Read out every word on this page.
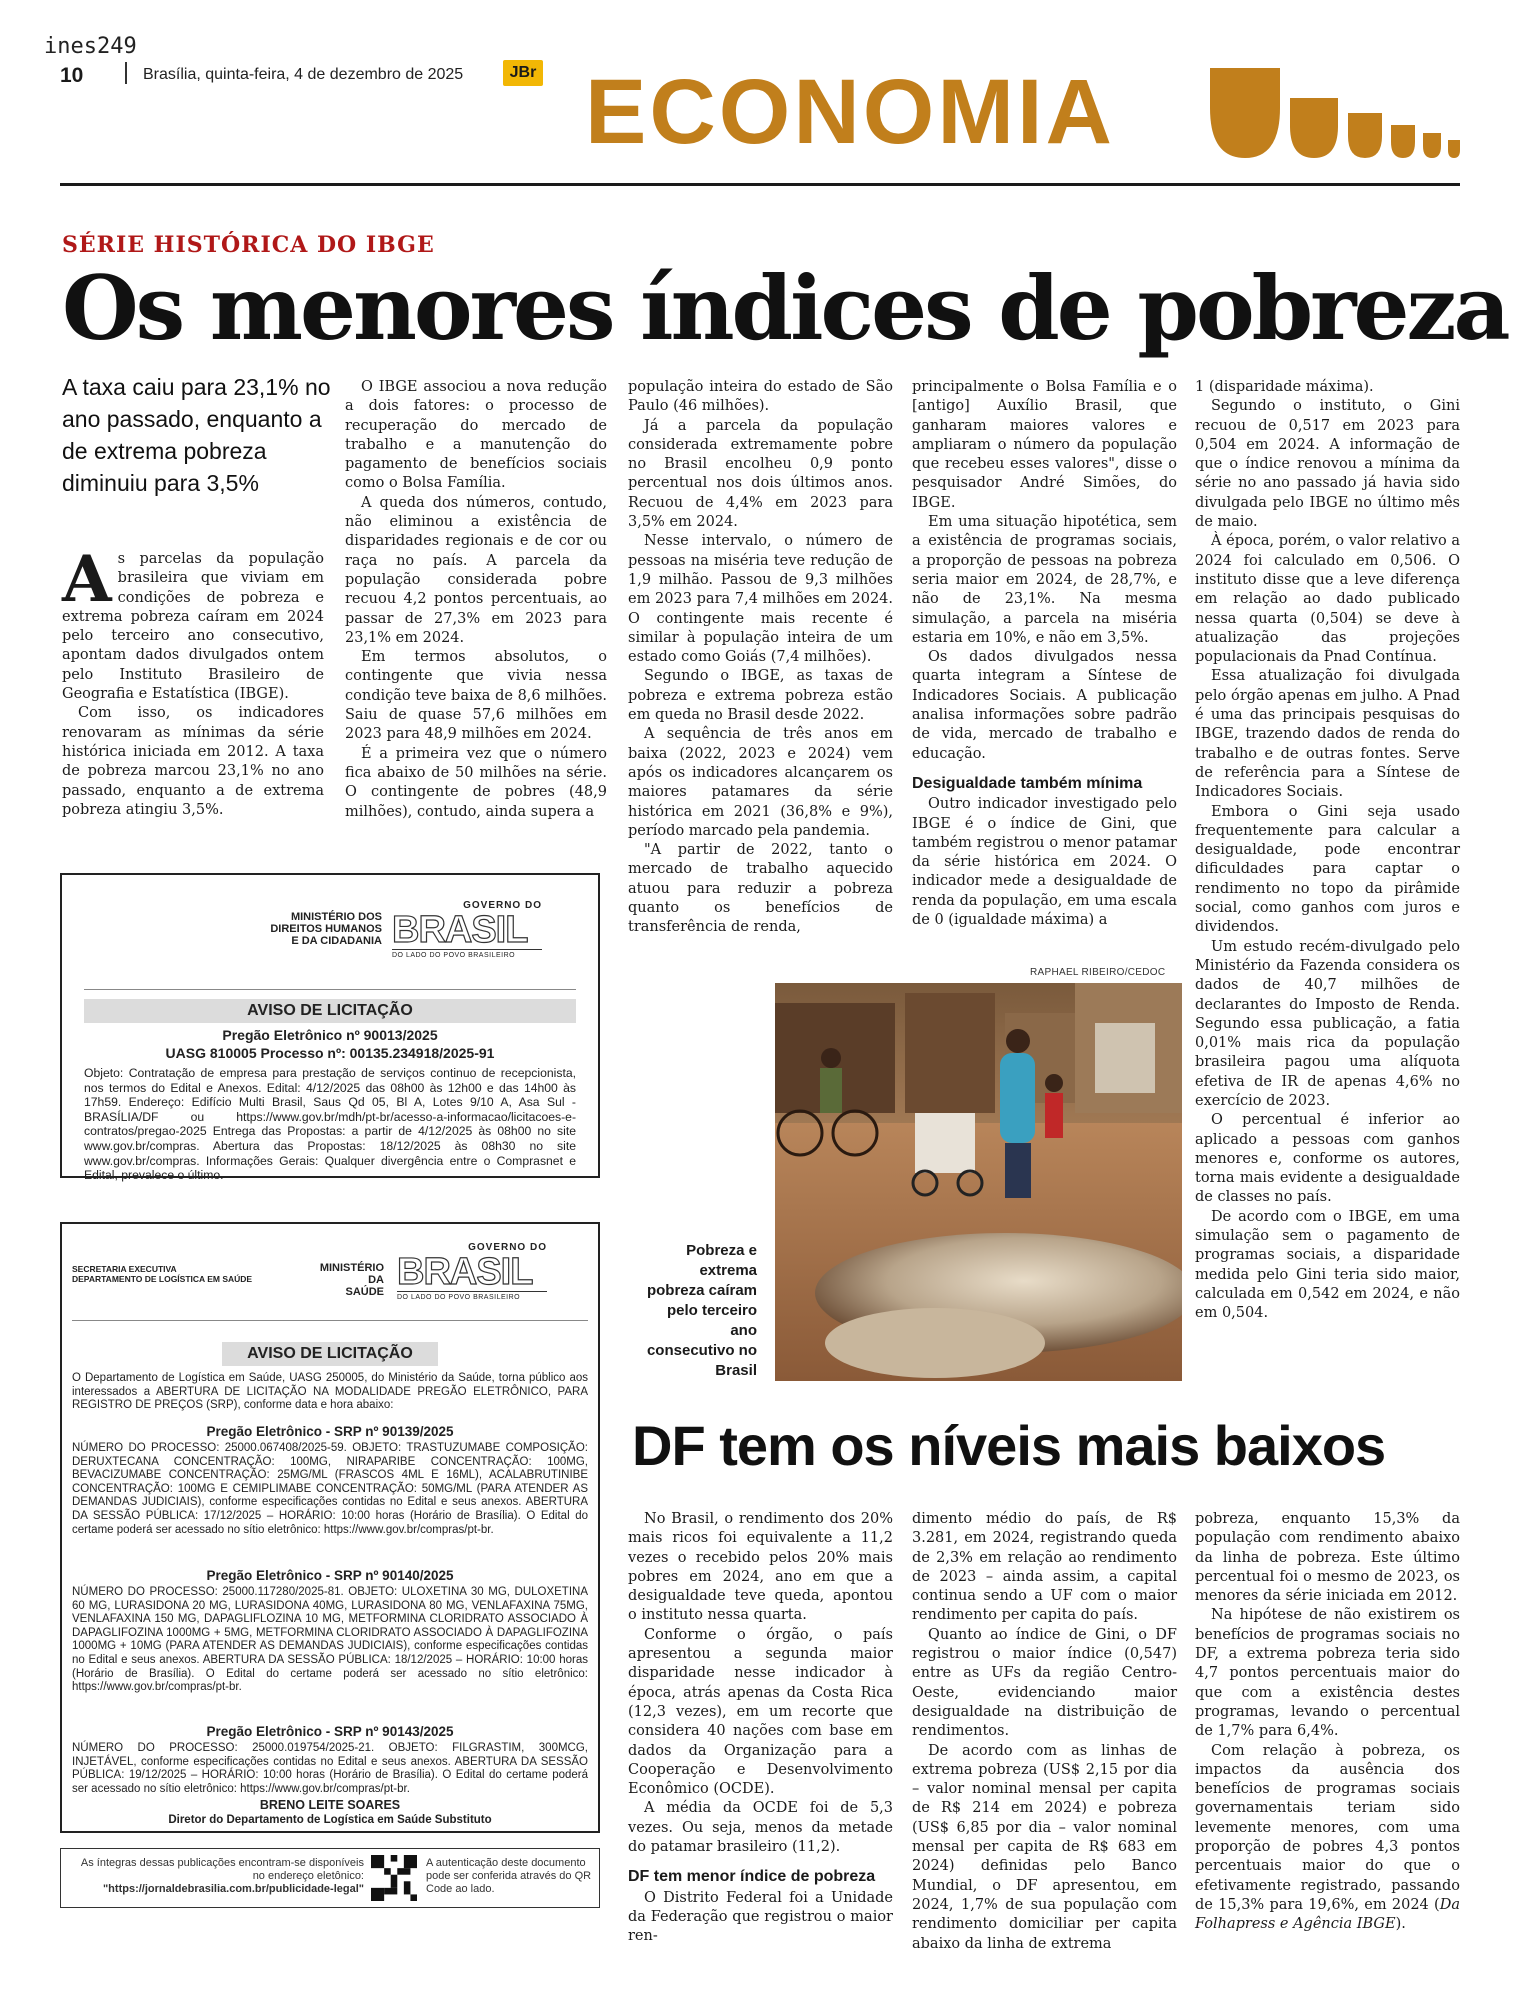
ines249
10	Brasília, quinta-feira, 4 de dezembro de 2025	JBr ECONOMIA
SÉRIE HISTÓRICA DO IBGE
Os menores índices de pobreza
A taxa caiu para 23,1% no ano passado, enquanto a de extrema pobreza diminuiu para 3,5%

As parcelas da população brasileira que viviam em condições de pobreza e extrema pobreza caíram em 2024 pelo terceiro ano consecutivo, apontam dados divulgados ontem pelo Instituto Brasileiro de Geografia e Estatística (IBGE).

Com isso, os indicadores renovaram as mínimas da série histórica iniciada em 2012. A taxa de pobreza marcou 23,1% no ano passado, enquanto a de extrema pobreza atingiu 3,5%.

O IBGE associou a nova redução a dois fatores: o processo de recuperação do mercado de trabalho e a manutenção do pagamento de benefícios sociais como o Bolsa Família.

A queda dos números, contudo, não eliminou a existência de disparidades regionais e de cor ou raça no país. A parcela da população considerada pobre recuou 4,2 pontos percentuais, ao passar de 27,3% em 2023 para 23,1% em 2024.

Em termos absolutos, o contingente que vivia nessa condição teve baixa de 8,6 milhões. Saiu de quase 57,6 milhões em 2023 para 48,9 milhões em 2024.

É a primeira vez que o número fica abaixo de 50 milhões na série. O contingente de pobres (48,9 milhões), contudo, ainda supera a

população inteira do estado de São Paulo (46 milhões).

Já a parcela da população considerada extremamente pobre no Brasil encolheu 0,9 ponto percentual nos dois últimos anos. Recuou de 4,4% em 2023 para 3,5% em 2024.

Nesse intervalo, o número de pessoas na miséria teve redução de 1,9 milhão. Passou de 9,3 milhões em 2023 para 7,4 milhões em 2024. O contingente mais recente é similar à população inteira de um estado como Goiás (7,4 milhões).

Segundo o IBGE, as taxas de pobreza e extrema pobreza estão em queda no Brasil desde 2022.

A sequência de três anos em baixa (2022, 2023 e 2024) vem após os indicadores alcançarem os maiores patamares da série histórica em 2021 (36,8% e 9%), período marcado pela pandemia.

"A partir de 2022, tanto o mercado de trabalho aquecido atuou para reduzir a pobreza quanto os benefícios de transferência de renda,

principalmente o Bolsa Família e o [antigo] Auxílio Brasil, que ganharam maiores valores e ampliaram o número da população que recebeu esses valores", disse o pesquisador André Simões, do IBGE.

Em uma situação hipotética, sem a existência de programas sociais, a proporção de pessoas na pobreza seria maior em 2024, de 28,7%, e não de 23,1%. Na mesma simulação, a parcela na miséria estaria em 10%, e não em 3,5%.

Os dados divulgados nessa quarta integram a Síntese de Indicadores Sociais. A publicação analisa informações sobre padrão de vida, mercado de trabalho e educação.

Desigualdade também mínima

Outro indicador investigado pelo IBGE é o índice de Gini, que também registrou o menor patamar da série histórica em 2024. O indicador mede a desigualdade de renda da população, em uma escala de 0 (igualdade máxima) a

1 (disparidade máxima).

Segundo o instituto, o Gini recuou de 0,517 em 2023 para 0,504 em 2024. A informação de que o índice renovou a mínima da série no ano passado já havia sido divulgada pelo IBGE no último mês de maio.

À época, porém, o valor relativo a 2024 foi calculado em 0,506. O instituto disse que a leve diferença em relação ao dado publicado nessa quarta (0,504) se deve à atualização das projeções populacionais da Pnad Contínua.

Essa atualização foi divulgada pelo órgão apenas em julho. A Pnad é uma das principais pesquisas do IBGE, trazendo dados de renda do trabalho e de outras fontes. Serve de referência para a Síntese de Indicadores Sociais.

Embora o Gini seja usado frequentemente para calcular a desigualdade, pode encontrar dificuldades para captar o rendimento no topo da pirâmide social, como ganhos com juros e dividendos.

Um estudo recém-divulgado pelo Ministério da Fazenda considera os dados de 40,7 milhões de declarantes do Imposto de Renda. Segundo essa publicação, a fatia 0,01% mais rica da população brasileira pagou uma alíquota efetiva de IR de apenas 4,6% no exercício de 2023.

O percentual é inferior ao aplicado a pessoas com ganhos menores e, conforme os autores, torna mais evidente a desigualdade de classes no país.

De acordo com o IBGE, em uma simulação sem o pagamento de programas sociais, a disparidade medida pelo Gini teria sido maior, calculada em 0,542 em 2024, e não em 0,504.

RAPHAEL RIBEIRO/CEDOC
Pobreza e extrema pobreza caíram pelo terceiro ano consecutivo no Brasil
MINISTÉRIO DOS
DIREITOS HUMANOS
E DA CIDADANIA
GOVERNO DO
BRASIL
DO LADO DO POVO BRASILEIRO
AVISO DE LICITAÇÃO
Pregão Eletrônico nº 90013/2025
UASG 810005 Processo nº: 00135.234918/2025-91
Objeto: Contratação de empresa para prestação de serviços continuo de recepcionista, nos termos do Edital e Anexos. Edital: 4/12/2025 das 08h00 às 12h00 e das 14h00 às 17h59. Endereço: Edifício Multi Brasil, Saus Qd 05, Bl A, Lotes 9/10 A, Asa Sul -BRASÍLIA/DF ou https://www.gov.br/mdh/pt-br/acesso-a-informacao/licitacoes-e-contratos/pregao-2025 Entrega das Propostas: a partir de 4/12/2025 às 08h00 no site www.gov.br/compras. Abertura das Propostas: 18/12/2025 às 08h30 no site www.gov.br/compras. Informações Gerais: Qualquer divergência entre o Comprasnet e Edital, prevalece o último.
SECRETARIA EXECUTIVA
DEPARTAMENTO DE LOGÍSTICA EM SAÚDE
MINISTÉRIO DA
SAÚDE
GOVERNO DO
BRASIL
DO LADO DO POVO BRASILEIRO
AVISO DE LICITAÇÃO
O Departamento de Logística em Saúde, UASG 250005, do Ministério da Saúde, torna público aos interessados a ABERTURA DE LICITAÇÃO NA MODALIDADE PREGÃO ELETRÔNICO, PARA REGISTRO DE PREÇOS (SRP), conforme data e hora abaixo:
Pregão Eletrônico - SRP nº 90139/2025
NÚMERO DO PROCESSO: 25000.067408/2025-59. OBJETO: TRASTUZUMABE COMPOSIÇÃO: DERUXTECANA CONCENTRAÇÃO: 100MG, NIRAPARIBE CONCENTRAÇÃO: 100MG, BEVACIZUMABE CONCENTRAÇÃO: 25MG/ML (FRASCOS 4ML E 16ML), ACALABRUTINIBE CONCENTRAÇÃO: 100MG E CEMIPLIMABE CONCENTRAÇÃO: 50MG/ML (PARA ATENDER AS DEMANDAS JUDICIAIS), conforme especificações contidas no Edital e seus anexos. ABERTURA DA SESSÃO PÚBLICA: 17/12/2025 – HORÁRIO: 10:00 horas (Horário de Brasília). O Edital do certame poderá ser acessado no sítio eletrônico: https://www.gov.br/compras/pt-br.
Pregão Eletrônico - SRP nº 90140/2025
NÚMERO DO PROCESSO: 25000.117280/2025-81. OBJETO: ULOXETINA 30 MG, DULOXETINA 60 MG, LURASIDONA 20 MG, LURASIDONA 40MG, LURASIDONA 80 MG, VENLAFAXINA 75MG, VENLAFAXINA 150 MG, DAPAGLIFLOZINA 10 MG, METFORMINA CLORIDRATO ASSOCIADO À DAPAGLIFOZINA 1000MG + 5MG, METFORMINA CLORIDRATO ASSOCIADO À DAPAGLIFOZINA 1000MG + 10MG (PARA ATENDER AS DEMANDAS JUDICIAIS), conforme especificações contidas no Edital e seus anexos. ABERTURA DA SESSÃO PÚBLICA: 18/12/2025 – HORÁRIO: 10:00 horas (Horário de Brasília). O Edital do certame poderá ser acessado no sítio eletrônico: https://www.gov.br/compras/pt-br.
Pregão Eletrônico - SRP nº 90143/2025
NÚMERO DO PROCESSO: 25000.019754/2025-21. OBJETO: FILGRASTIM, 300MCG, INJETÁVEL, conforme especificações contidas no Edital e seus anexos. ABERTURA DA SESSÃO PÚBLICA: 19/12/2025 – HORÁRIO: 10:00 horas (Horário de Brasília). O Edital do certame poderá ser acessado no sítio eletrônico: https://www.gov.br/compras/pt-br.
BRENO LEITE SOARES
Diretor do Departamento de Logística em Saúde Substituto
As íntegras dessas publicações encontram-se disponíveis no endereço eletônico: "https://jornaldebrasilia.com.br/publicidade-legal"
A autenticação deste documento pode ser conferida através do QR Code ao lado.
DF tem os níveis mais baixos

No Brasil, o rendimento dos 20% mais ricos foi equivalente a 11,2 vezes o recebido pelos 20% mais pobres em 2024, ano em que a desigualdade teve queda, apontou o instituto nessa quarta.

Conforme o órgão, o país apresentou a segunda maior disparidade nesse indicador à época, atrás apenas da Costa Rica (12,3 vezes), em um recorte que considera 40 nações com base em dados da Organização para a Cooperação e Desenvolvimento Econômico (OCDE).

A média da OCDE foi de 5,3 vezes. Ou seja, menos da metade do patamar brasileiro (11,2).

DF tem menor índice de pobreza

O Distrito Federal foi a Unidade da Federação que registrou o maior ren-

dimento médio do país, de R$ 3.281, em 2024, registrando queda de 2,3% em relação ao rendimento de 2023 – ainda assim, a capital continua sendo a UF com o maior rendimento per capita do país.

Quanto ao índice de Gini, o DF registrou o maior índice (0,547) entre as UFs da região Centro-Oeste, evidenciando maior desigualdade na distribuição de rendimentos.

De acordo com as linhas de extrema pobreza (US$ 2,15 por dia – valor nominal mensal per capita de R$ 214 em 2024) e pobreza (US$ 6,85 por dia – valor nominal mensal per capita de R$ 683 em 2024) definidas pelo Banco Mundial, o DF apresentou, em 2024, 1,7% de sua população com rendimento domiciliar per capita abaixo da linha de extrema

pobreza, enquanto 15,3% da população com rendimento abaixo da linha de pobreza. Este último percentual foi o mesmo de 2023, os menores da série iniciada em 2012.

Na hipótese de não existirem os benefícios de programas sociais no DF, a extrema pobreza teria sido 4,7 pontos percentuais maior do que com a existência destes programas, levando o percentual de 1,7% para 6,4%.

Com relação à pobreza, os impactos da ausência dos benefícios de programas sociais governamentais teriam sido levemente menores, com uma proporção de pobres 4,3 pontos percentuais maior do que o efetivamente registrado, passando de 15,3% para 19,6%, em 2024 (Da Folhapress e Agência IBGE).
